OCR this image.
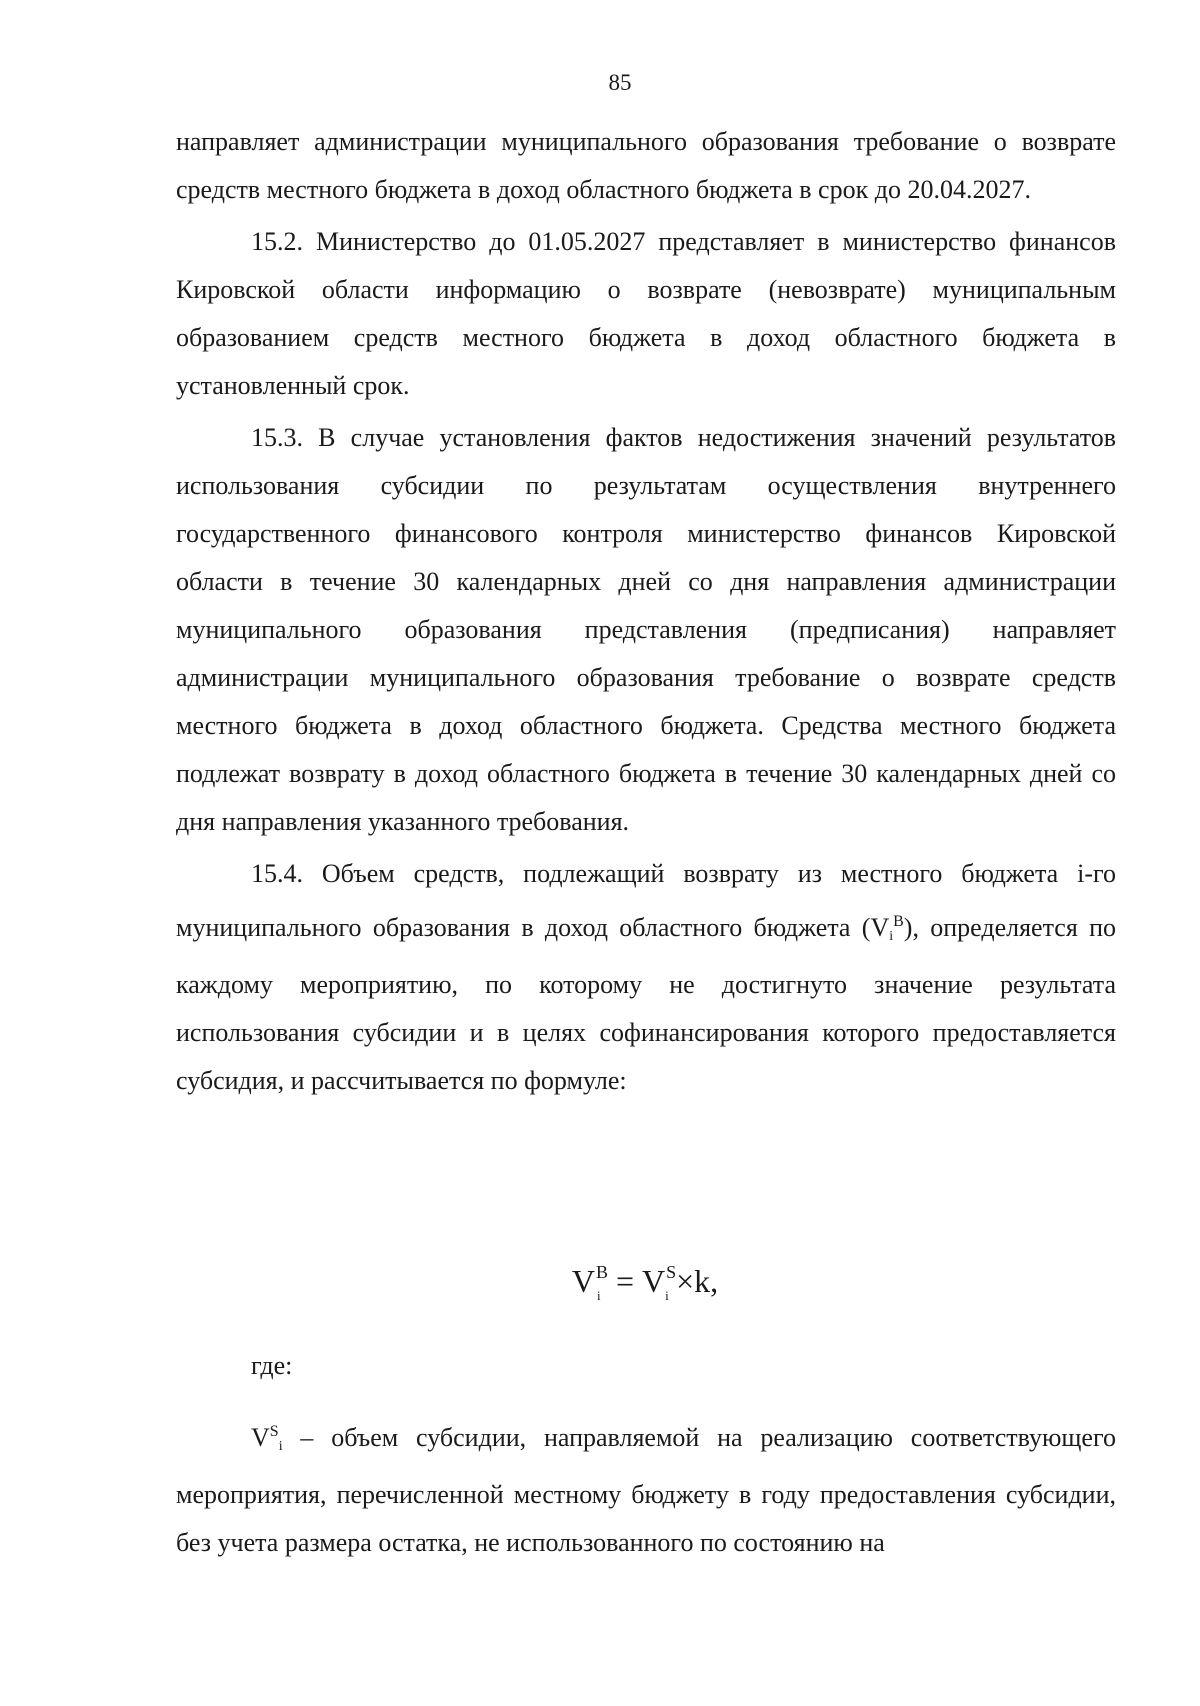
85

направляет администрации муниципального образования требование о возврате средств местного бюджета в доход областного бюджета в срок до 20.04.2027.

15.2. Министерство до 01.05.2027 представляет в министерство финансов Кировской области информацию о возврате (невозврате) муниципальным образованием средств местного бюджета в доход областного бюджета в установленный срок.

15.3. В случае установления фактов недостижения значений результатов использования субсидии по результатам осуществления внутреннего государственного финансового контроля министерство финансов Кировской области в течение 30 календарных дней со дня направления администрации муниципального образования представления (предписания) направляет администрации муниципального образования требование о возврате средств местного бюджета в доход областного бюджета. Средства местного бюджета подлежат возврату в доход областного бюджета в течение 30 календарных дней со дня направления указанного требования.

15.4. Объем средств, подлежащий возврату из местного бюджета i-го муниципального образования в доход областного бюджета $(Vi^B)$, определяется по каждому мероприятию, по которому не достигнуто значение результата использования субсидии и в целях софинансирования которого предоставляется субсидия, и рассчитывается по формуле:

$V^Bi = V^Si \times k$,
где:

$V^Si$ – объем субсидии, направляемой на реализацию соответствующего мероприятия, перечисленной местному бюджету в году предоставления субсидии, без учета размера остатка, не использованного по состоянию на
